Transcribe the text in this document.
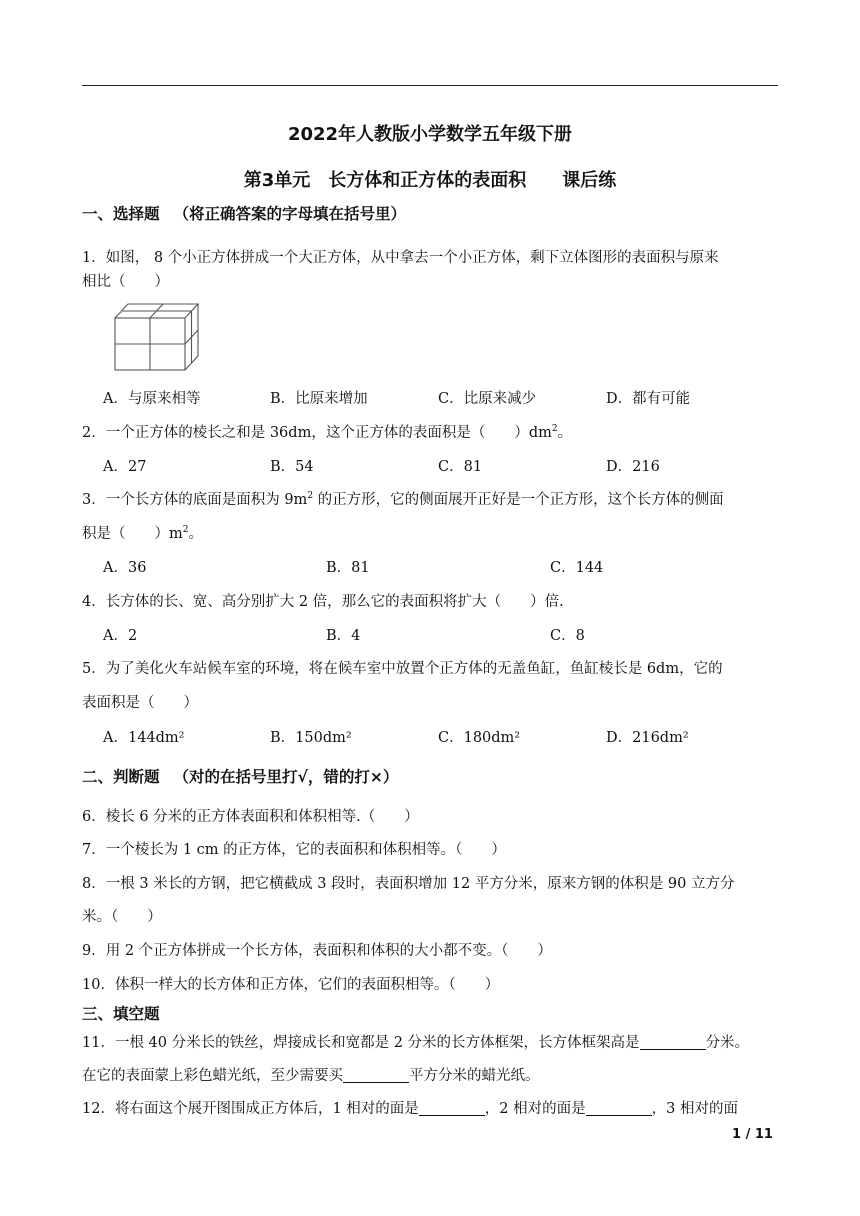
2022年人教版小学数学五年级下册
第3单元　长方体和正方体的表面积　　课后练
一、选择题 （将正确答案的字母填在括号里）
1．如图， 8 个小正方体拼成一个大正方体，从中拿去一个小正方体，剩下立体图形的表面积与原来
相比（　　）
A．与原来相等	B．比原来增加	C．比原来减少	D．都有可能
2．一个正方体的棱长之和是 36dm，这个正方体的表面积是（　　）$dm^2$。
A．27	B．54	C．81	D．216
3．一个长方体的底面是面积为 $9m^2$ 的正方形，它的侧面展开正好是一个正方形，这个长方体的侧面
积是（　　）$m^2$。
A．36	B．81	C．144
4．长方体的长、宽、高分别扩大 2 倍，那么它的表面积将扩大（　　）倍.
A．2	B．4	C．8
5．为了美化火车站候车室的环境，将在候车室中放置个正方体的无盖鱼缸，鱼缸棱长是 6dm，它的
表面积是（　　）
A．144dm²	B．150dm²	C．180dm²	D．216dm²
二、判断题 （对的在括号里打√，错的打×）
6．棱长 6 分米的正方体表面积和体积相等.（　　）
7．一个棱长为 1 cm 的正方体，它的表面积和体积相等。（　　）
8．一根 3 米长的方钢，把它横截成 3 段时，表面积增加 12 平方分米，原来方钢的体积是 90 立方分
米。（　　）
9．用 2 个正方体拼成一个长方体，表面积和体积的大小都不变。（　　）
10．体积一样大的长方体和正方体，它们的表面积相等。（　　）
三、填空题
11．一根 40 分米长的铁丝，焊接成长和宽都是 2 分米的长方体框架，长方体框架高是	分米。
在它的表面蒙上彩色蜡光纸，至少需要买	平方分米的蜡光纸。
12．将右面这个展开图围成正方体后，1 相对的面是	，2 相对的面是	，3 相对的面
1 / 11
